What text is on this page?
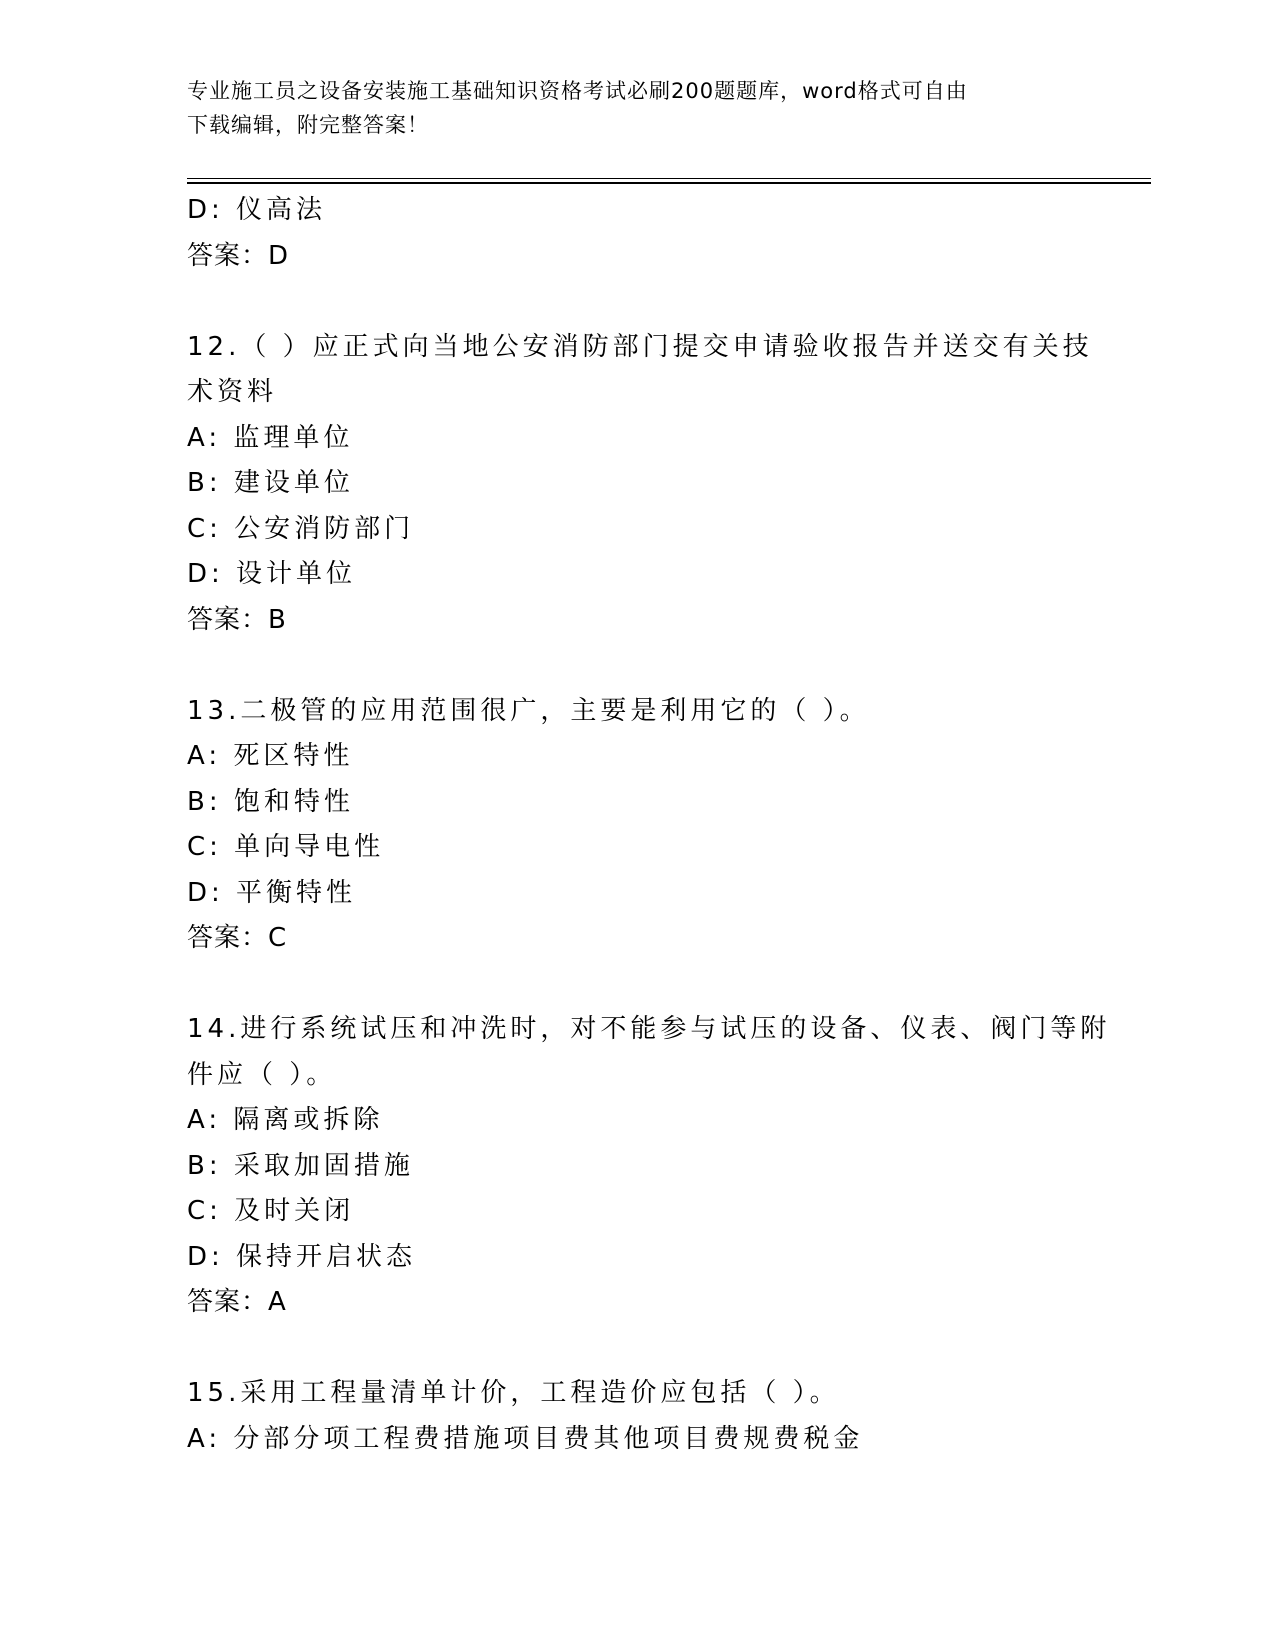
专业施工员之设备安装施工基础知识资格考试必刷200题题库，word格式可自由
下载编辑，附完整答案！
D: 仪高法
答案：D
12.（ ）应正式向当地公安消防部门提交申请验收报告并送交有关技
术资料
A: 监理单位
B: 建设单位
C: 公安消防部门
D: 设计单位
答案：B
13.二极管的应用范围很广，主要是利用它的（ ）。
A: 死区特性
B: 饱和特性
C: 单向导电性
D: 平衡特性
答案：C
14.进行系统试压和冲洗时，对不能参与试压的设备、仪表、阀门等附
件应（ ）。
A: 隔离或拆除
B: 采取加固措施
C: 及时关闭
D: 保持开启状态
答案：A
15.采用工程量清单计价，工程造价应包括（ ）。
A: 分部分项工程费措施项目费其他项目费规费税金
